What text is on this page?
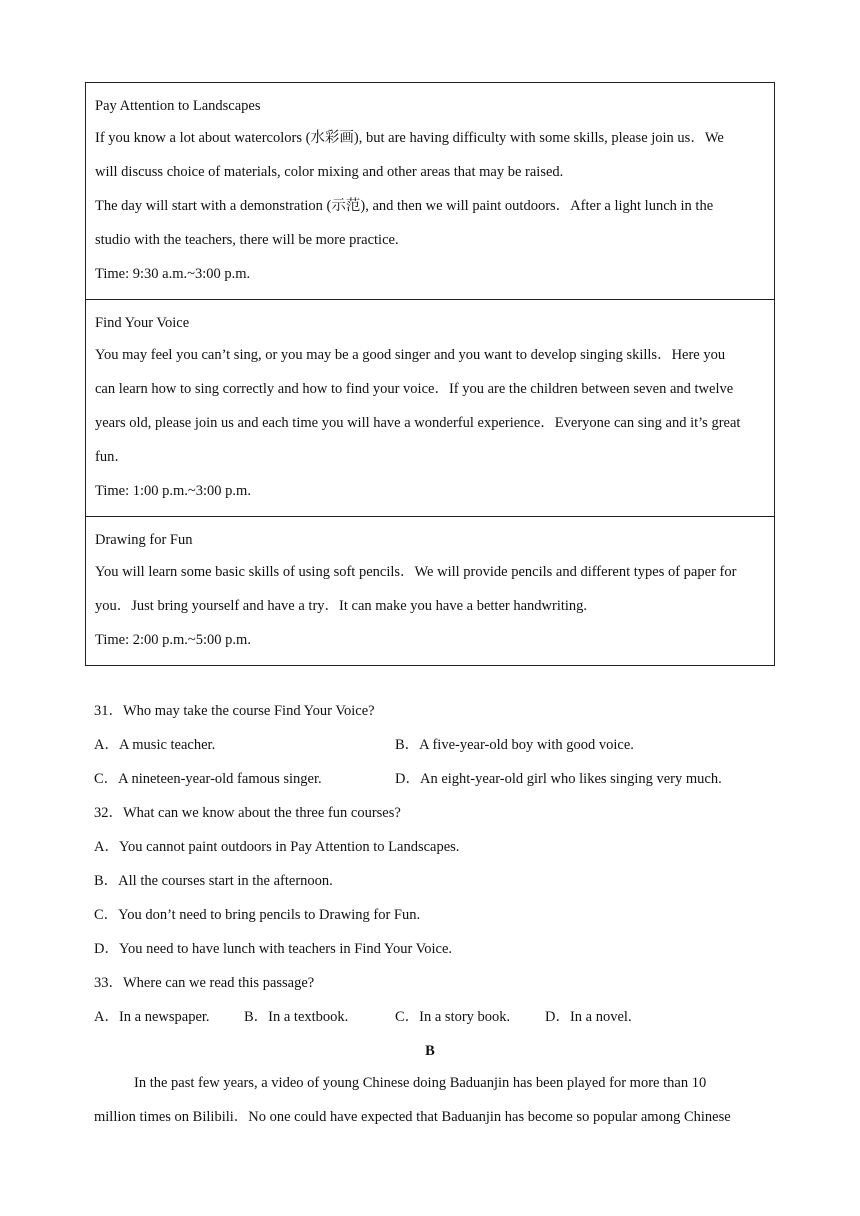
Pay Attention to Landscapes
If you know a lot about watercolors (水彩画), but are having difficulty with some skills, please join us．We
will discuss choice of materials, color mixing and other areas that may be raised.
The day will start with a demonstration (示范), and then we will paint outdoors．After a light lunch in the
studio with the teachers, there will be more practice.
Time: 9:30 a.m.~3:00 p.m.

Find Your Voice
You may feel you can’t sing, or you may be a good singer and you want to develop singing skills．Here you
can learn how to sing correctly and how to find your voice．If you are the children between seven and twelve
years old, please join us and each time you will have a wonderful experience．Everyone can sing and it’s great
fun．
Time: 1:00 p.m.~3:00 p.m.

Drawing for Fun
You will learn some basic skills of using soft pencils．We will provide pencils and different types of paper for
you．Just bring yourself and have a try．It can make you have a better handwriting.
Time: 2:00 p.m.~5:00 p.m.
31．Who may take the course Find Your Voice?
A．A music teacher.	B．A five-year-old boy with good voice.
C．A nineteen-year-old famous singer.	D．An eight-year-old girl who likes singing very much.
32．What can we know about the three fun courses?
A．You cannot paint outdoors in Pay Attention to Landscapes.
B．All the courses start in the afternoon.
C．You don’t need to bring pencils to Drawing for Fun.
D．You need to have lunch with teachers in Find Your Voice.
33．Where can we read this passage?
A．In a newspaper. B．In a textbook.	C．In a story book. D．In a novel.
B
In the past few years, a video of young Chinese doing Baduanjin has been played for more than 10
million times on Bilibili．No one could have expected that Baduanjin has become so popular among Chinese
